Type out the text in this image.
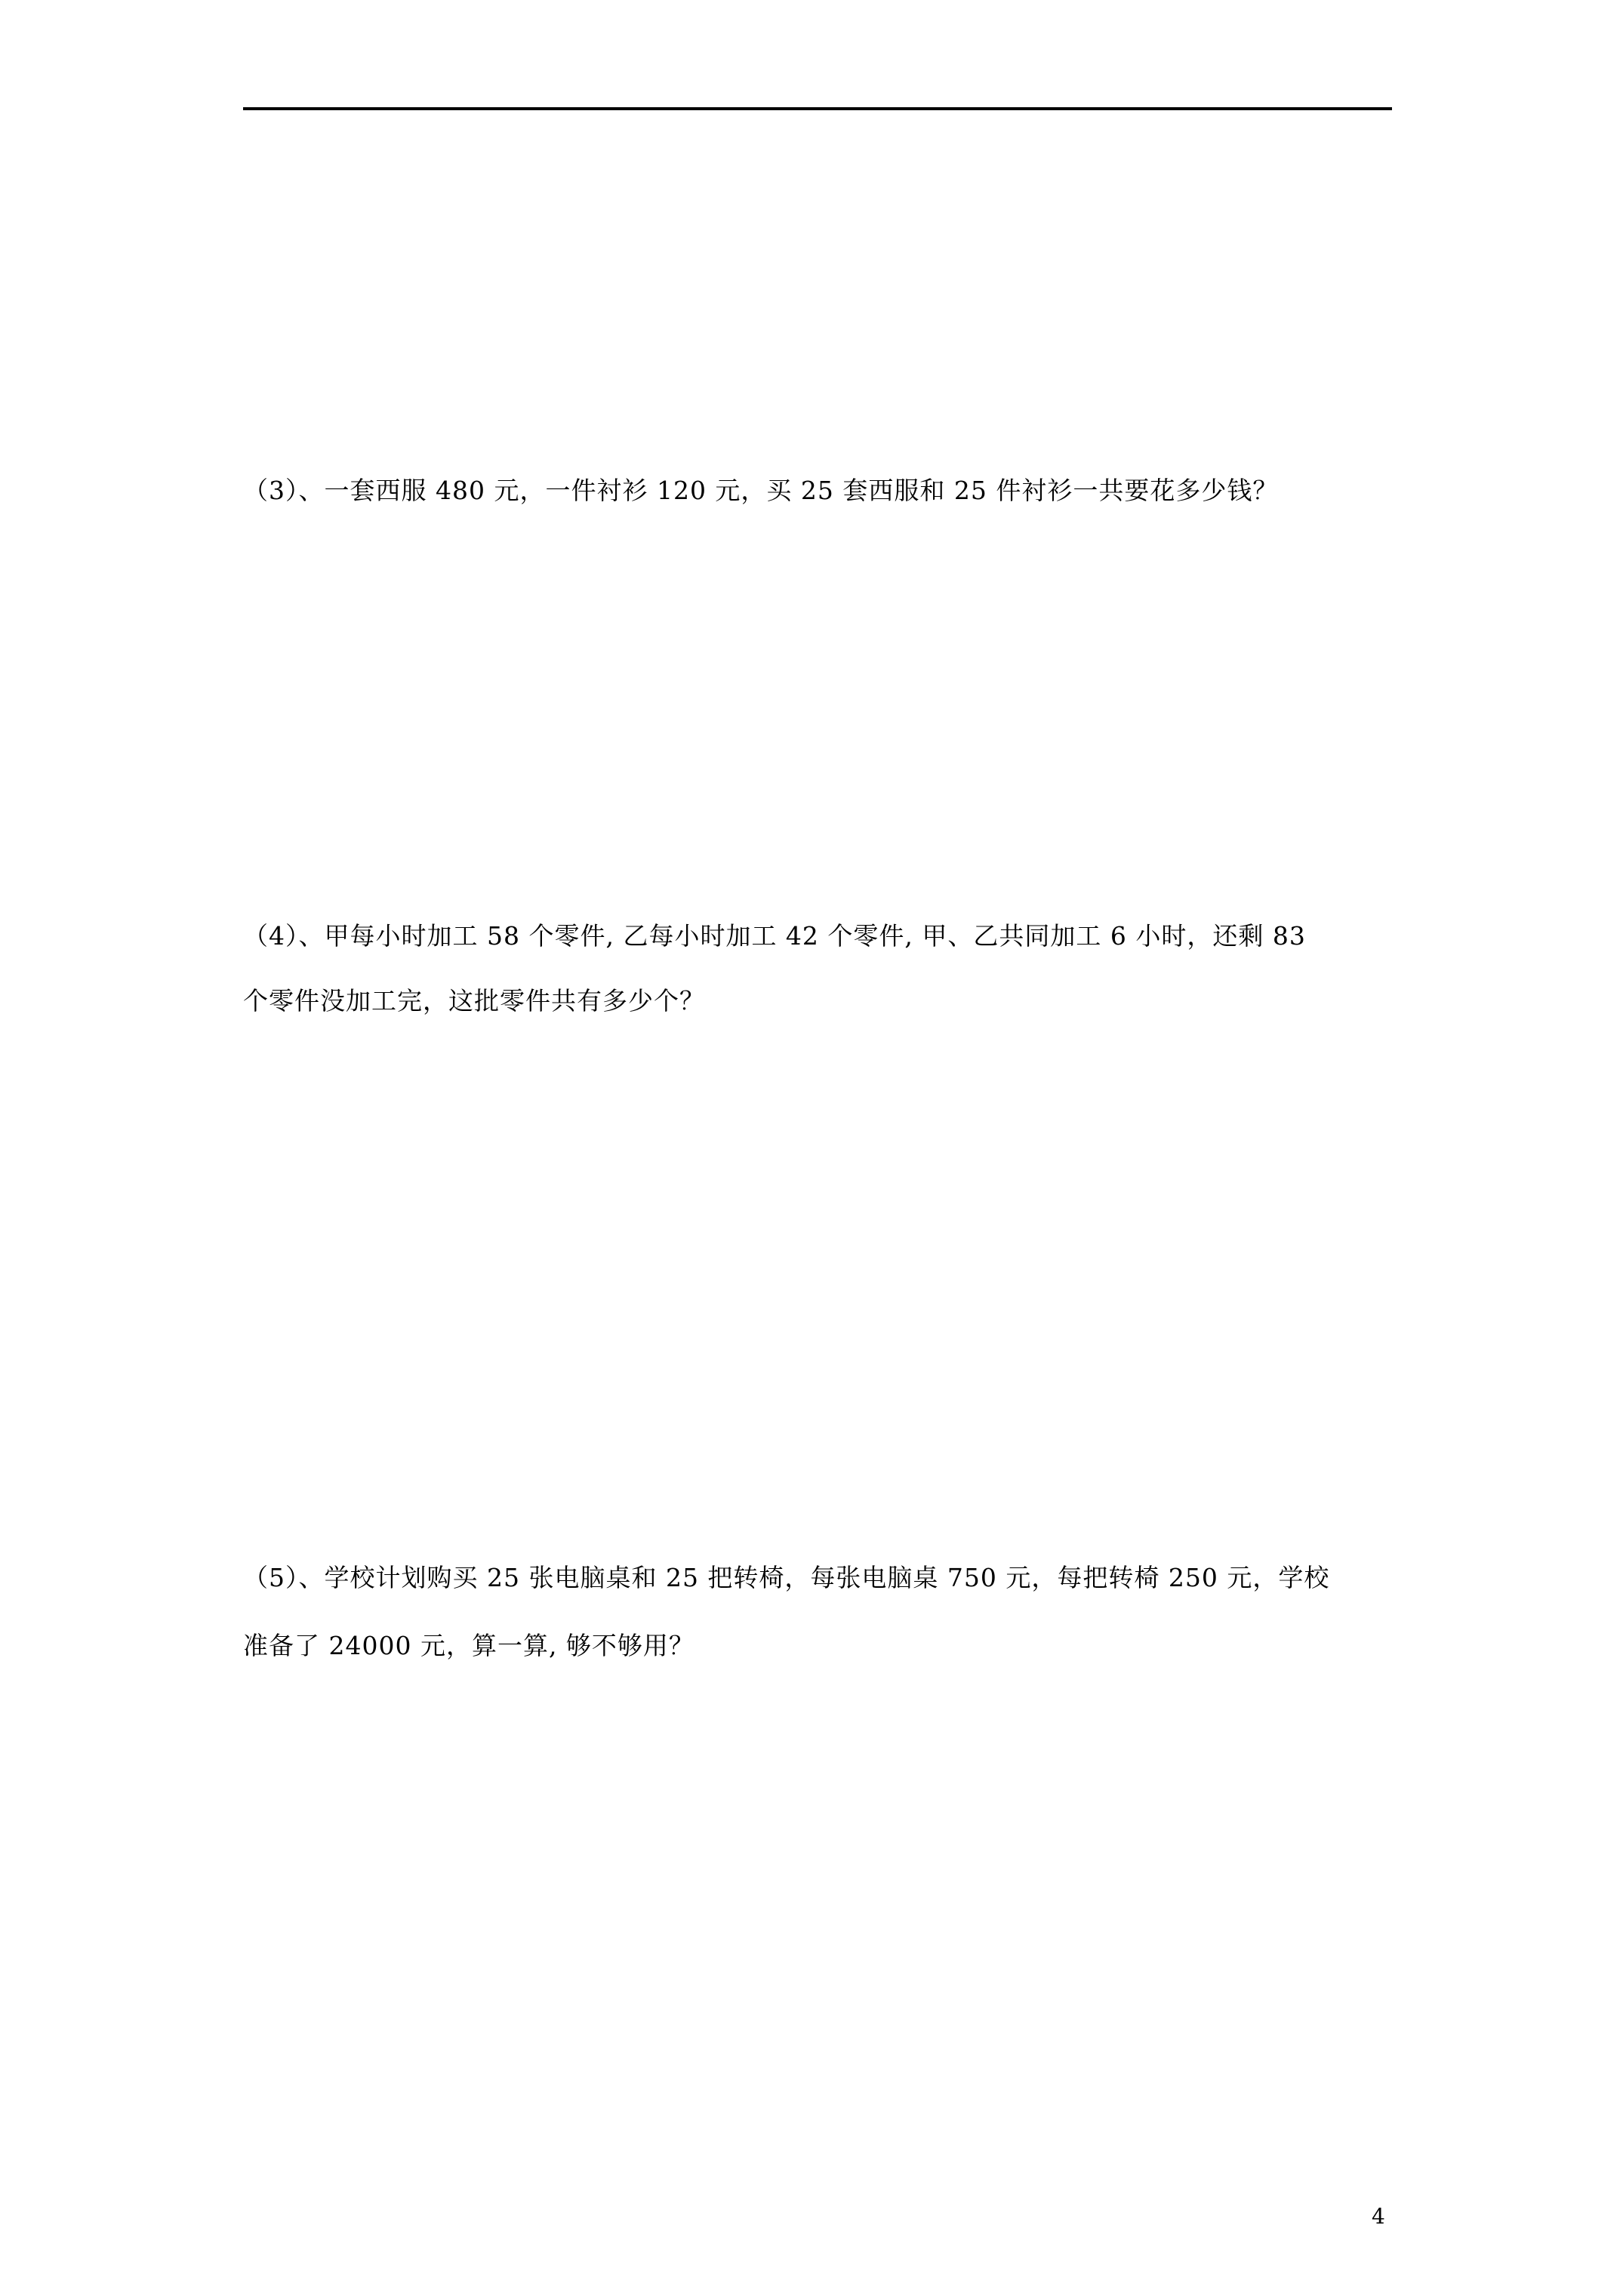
（3）、一套西服 480 元，一件衬衫 120 元，买 25 套西服和 25 件衬衫一共要花多少钱？
（4）、甲每小时加工 58 个零件, 乙每小时加工 42 个零件, 甲、乙共同加工 6 小时，还剩 83
个零件没加工完，这批零件共有多少个？
（5）、学校计划购买 25 张电脑桌和 25 把转椅，每张电脑桌 750 元，每把转椅 250 元，学校
准备了 24000 元，算一算, 够不够用？
4
